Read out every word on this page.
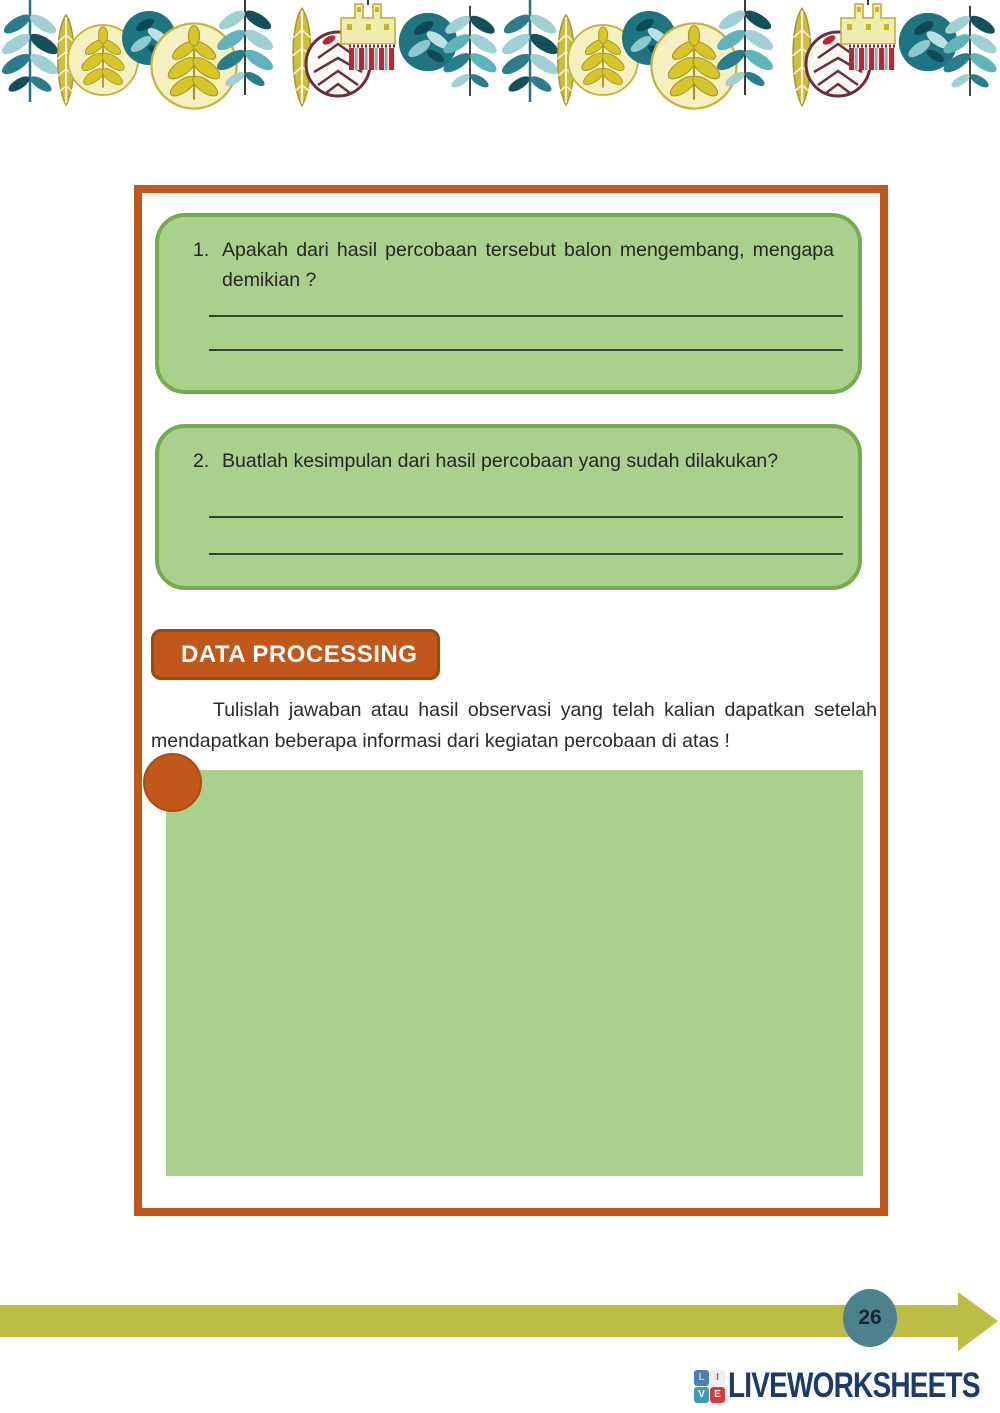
1. Apakah dari hasil percobaan tersebut balon mengembang, mengapa demikian ?
2. Buatlah kesimpulan dari hasil percobaan yang sudah dilakukan?
DATA PROCESSING
Tulislah jawaban atau hasil observasi yang telah kalian dapatkan setelah mendapatkan beberapa informasi dari kegiatan percobaan di atas !
26
L	I
V E LIVEWORKSHEETS
